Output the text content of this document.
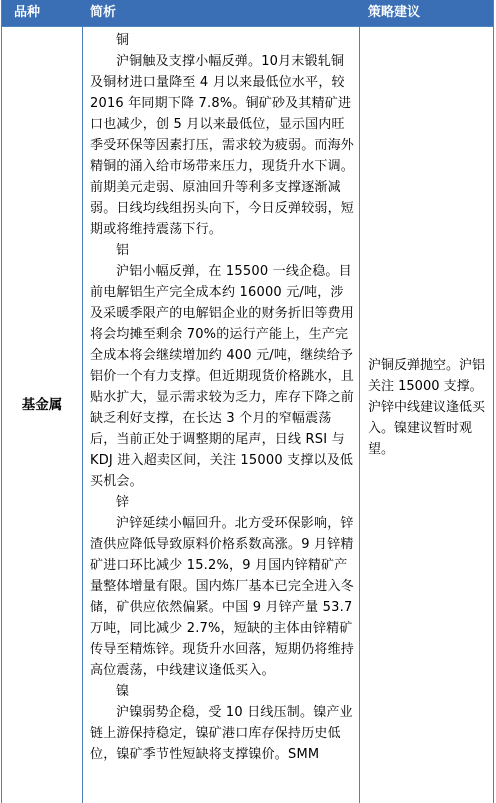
品种	简析	策略建议
基金属
铜

沪铜触及支撑小幅反弹。10月末锻轧铜及铜材进口量降至 4 月以来最低位水平，较 2016 年同期下降 7.8%。铜矿砂及其精矿进口也减少，创 5 月以来最低位，显示国内旺季受环保等因素打压，需求较为疲弱。而海外精铜的涌入给市场带来压力，现货升水下调。前期美元走弱、原油回升等利多支撑逐渐减弱。日线均线组拐头向下，今日反弹较弱，短期或将维持震荡下行。

铝

沪铝小幅反弹，在 15500 一线企稳。目前电解铝生产完全成本约 16000 元/吨，涉及采暖季限产的电解铝企业的财务折旧等费用将会均摊至剩余 70%的运行产能上，生产完全成本将会继续增加约 400 元/吨，继续给予铝价一个有力支撑。但近期现货价格跳水，且贴水扩大，显示需求较为乏力，库存下降之前缺乏利好支撑，在长达 3 个月的窄幅震荡后，当前正处于调整期的尾声，日线 RSI 与 KDJ 进入超卖区间，关注 15000 支撑以及低买机会。

锌

沪锌延续小幅回升。北方受环保影响，锌渣供应降低导致原料价格系数高涨。9 月锌精矿进口环比减少 15.2%，9 月国内锌精矿产量整体增量有限。国内炼厂基本已完全进入冬储，矿供应依然偏紧。中国 9 月锌产量 53.7 万吨，同比减少 2.7%，短缺的主体由锌精矿传导至精炼锌。现货升水回落，短期仍将维持高位震荡，中线建议逢低买入。

镍

沪镍弱势企稳，受 10 日线压制。镍产业链上游保持稳定，镍矿港口库存保持历史低位，镍矿季节性短缺将支撑镍价。SMM

沪铜反弹抛空。沪铝关注 15000 支撑。沪锌中线建议逢低买入。镍建议暂时观望。
